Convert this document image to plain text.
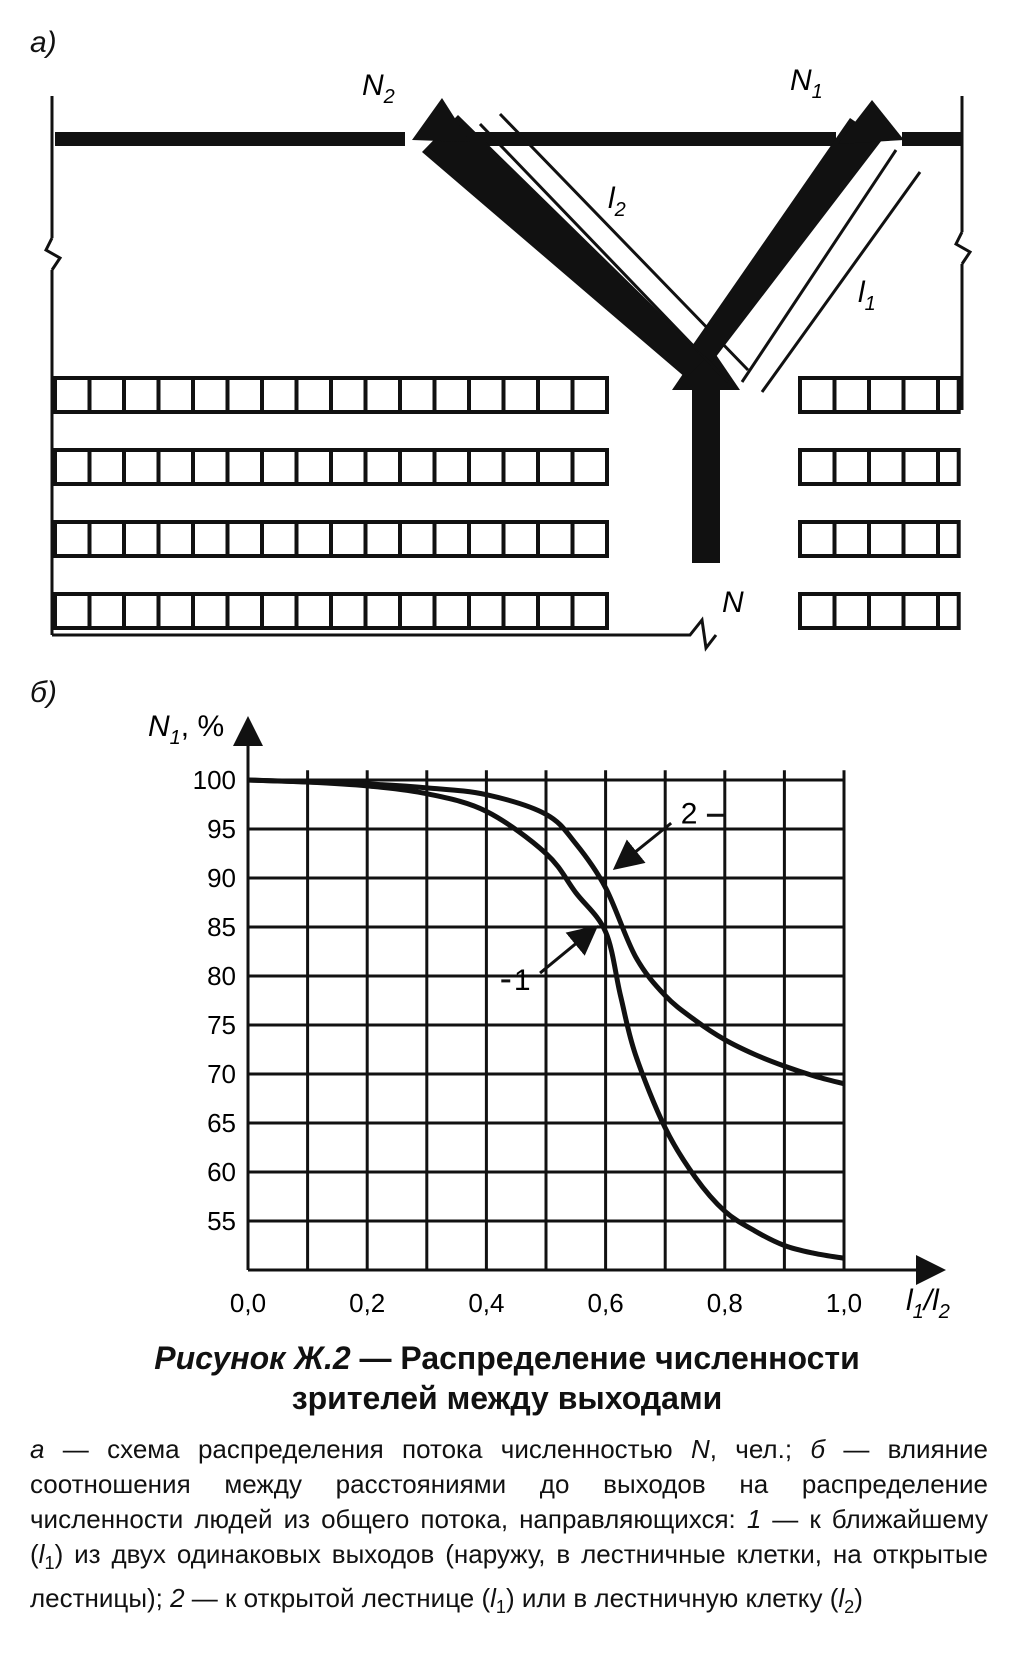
а)
$N_2$	$N_1$
$l_2$
$l_1$
N
100
95
90
85
80
75
70
65
60
55
0,0	0,2	0,4	0,6	0,8	1,0
1
2
$N_1$, %
$l_1/l_2$
б)
Рисунок Ж.2 — Распределение численности
зрителей между выходами

а — схема распределения потока численностью N, чел.; б — влияние соотношения между расстояниями до выходов на распределение численности людей из общего потока, направляющихся: 1 — к ближайшему $(l_1)$ из двух одинаковых выходов (наружу, в лестничные клетки, на открытые лестницы); 2 — к открытой лестнице $(l_1)$ или в лестничную клетку $(l_2)$
